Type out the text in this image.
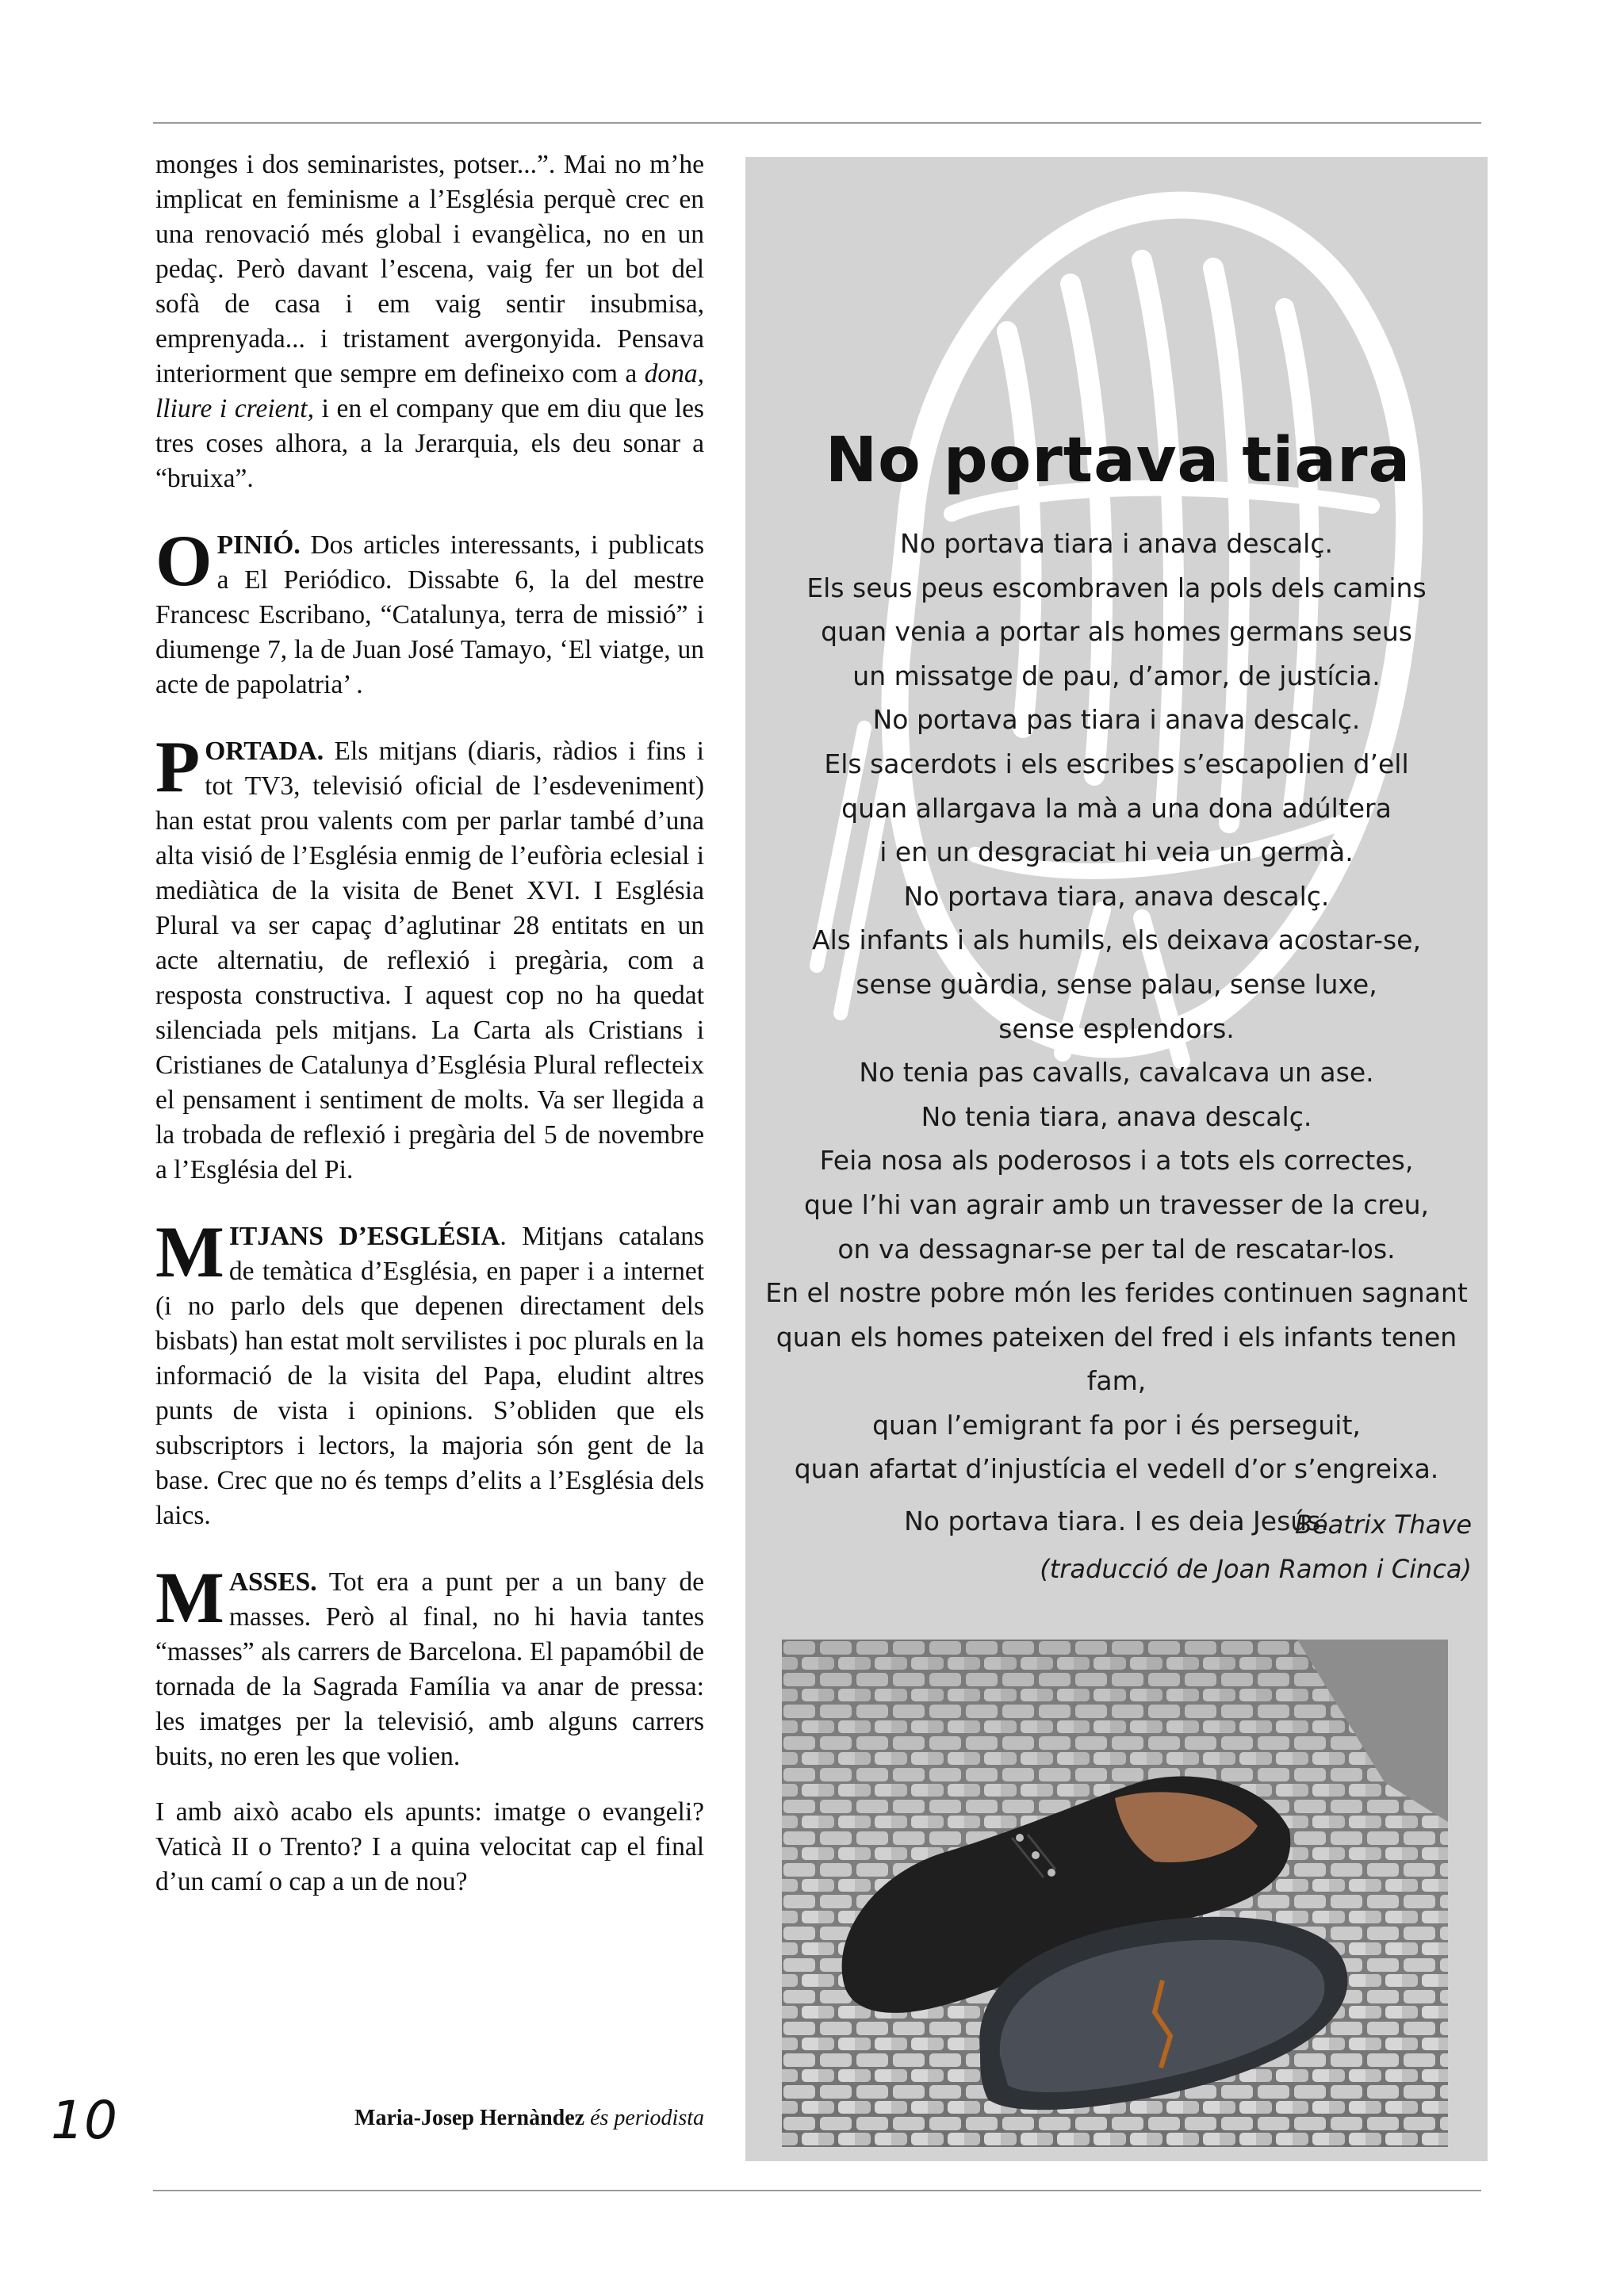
monges i dos seminaristes, potser...”. Mai no m’he implicat en feminisme a l’Església perquè crec en una renovació més global i evangèlica, no en un pedaç. Però davant l’escena, vaig fer un bot del sofà de casa i em vaig sentir insubmisa, emprenyada... i tristament avergonyida. Pensava interiorment que sempre em defineixo com a dona, lliure i creient, i en el company que em diu que les tres coses alhora, a la Jerarquia, els deu sonar a “bruixa”.

OPINIÓ. Dos articles interessants, i publicats a El Periódico. Dissabte 6, la del mestre Francesc Escribano, “Catalunya, terra de missió” i diumenge 7, la de Juan José Tamayo, ‘El viatge, un acte de papolatria’ .

PORTADA. Els mitjans (diaris, ràdios i fins i tot TV3, televisió oficial de l’esdeveniment) han estat prou valents com per parlar també d’una alta visió de l’Església enmig de l’eufòria eclesial i mediàtica de la visita de Benet XVI. I Església Plural va ser capaç d’aglutinar 28 entitats en un acte alternatiu, de reflexió i pregària, com a resposta constructiva. I aquest cop no ha quedat silenciada pels mitjans. La Carta als Cristians i Cristianes de Catalunya d’Església Plural reflecteix el pensament i sentiment de molts. Va ser llegida a la trobada de reflexió i pregària del 5 de novembre a l’Església del Pi.

MITJANS D’ESGLÉSIA. Mitjans catalans de temàtica d’Església, en paper i a internet (i no parlo dels que depenen directament dels bisbats) han estat molt servilistes i poc plurals en la informació de la visita del Papa, eludint altres punts de vista i opinions. S’obliden que els subscriptors i lectors, la majoria són gent de la base. Crec que no és temps d’elits a l’Església dels laics.

MASSES. Tot era a punt per a un bany de masses. Però al final, no hi havia tantes “masses” als carrers de Barcelona. El papamóbil de tornada de la Sagrada Família va anar de pressa: les imatges per la televisió, amb alguns carrers buits, no eren les que volien.

I amb això acabo els apunts: imatge o evangeli? Vaticà II o Trento? I a quina velocitat cap el final d’un camí o cap a un de nou?

Maria-Josep Hernàndez és periodista
10
No portava tiara
No portava tiara i anava descalç.
Els seus peus escombraven la pols dels camins
quan venia a portar als homes germans seus
un missatge de pau, d’amor, de justícia.
No portava pas tiara i anava descalç.
Els sacerdots i els escribes s’escapolien d’ell
quan allargava la mà a una dona adúltera
i en un desgraciat hi veia un germà.
No portava tiara, anava descalç.
Als infants i als humils, els deixava acostar-se,
sense guàrdia, sense palau, sense luxe,
sense esplendors.
No tenia pas cavalls, cavalcava un ase.
No tenia tiara, anava descalç.
Feia nosa als poderosos i a tots els correctes,
que l’hi van agrair amb un travesser de la creu,
on va dessagnar-se per tal de rescatar-los.
En el nostre pobre món les ferides continuen sagnant
quan els homes pateixen del fred i els infants tenen fam,
quan l’emigrant fa por i és perseguit,
quan afartat d’injustícia el vedell d’or s’engreixa.
No portava tiara. I es deia Jesús.
Béatrix Thave
(traducció de Joan Ramon i Cinca)
